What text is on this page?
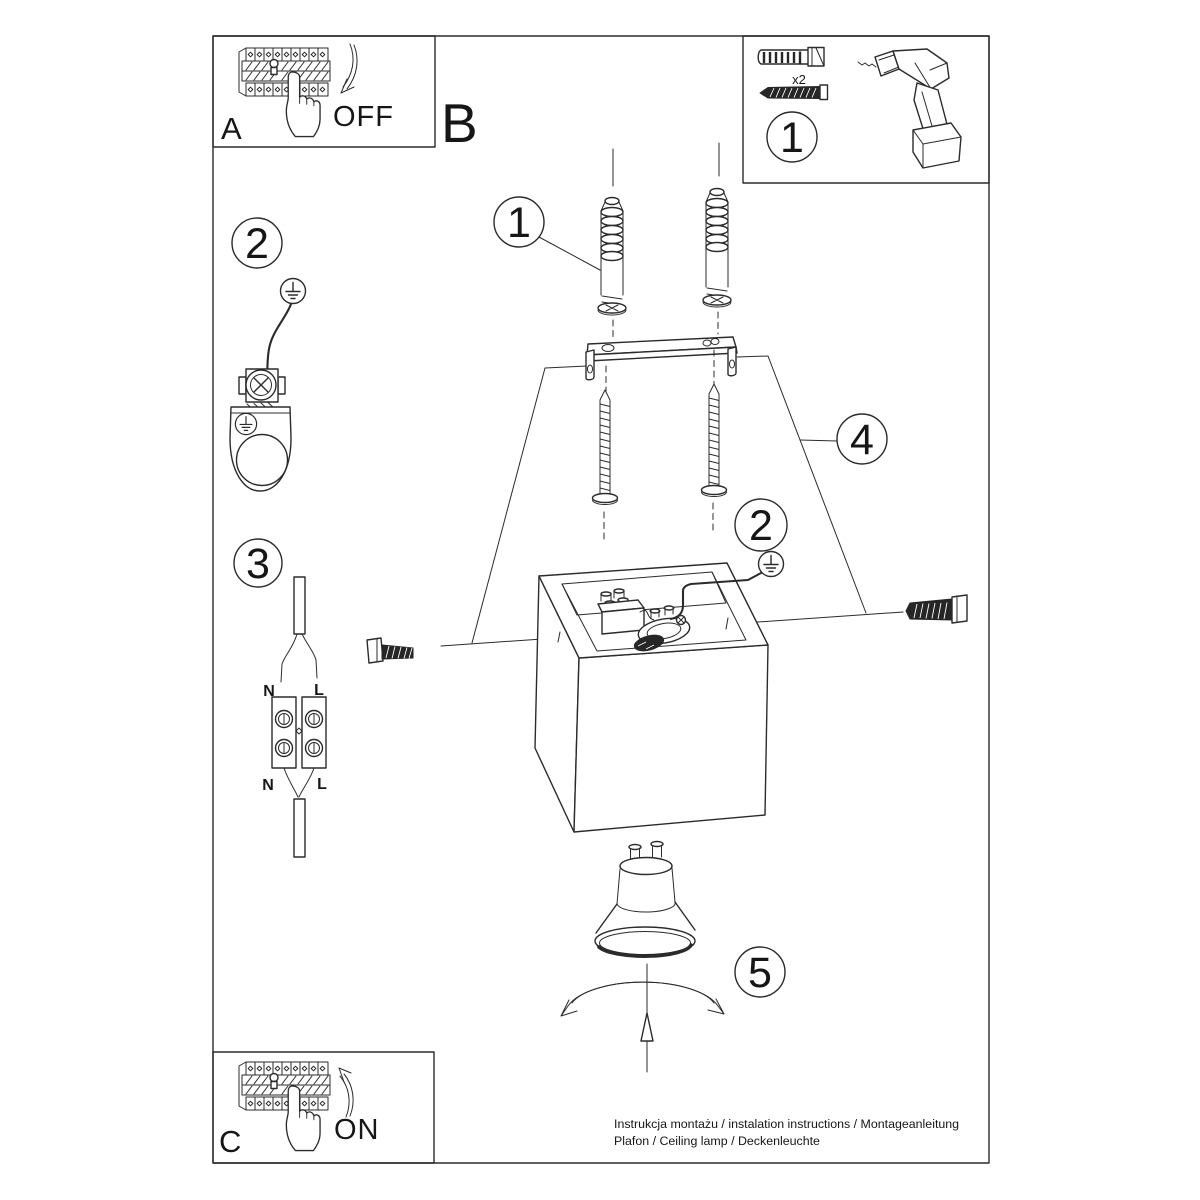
A	OFF B
x2
1
2
3
N L
N	L
1
4
2
5
C	ON	Instrukcja montażu / instalation instructions / Montageanleitung
Plafon / Ceiling lamp / Deckenleuchte
